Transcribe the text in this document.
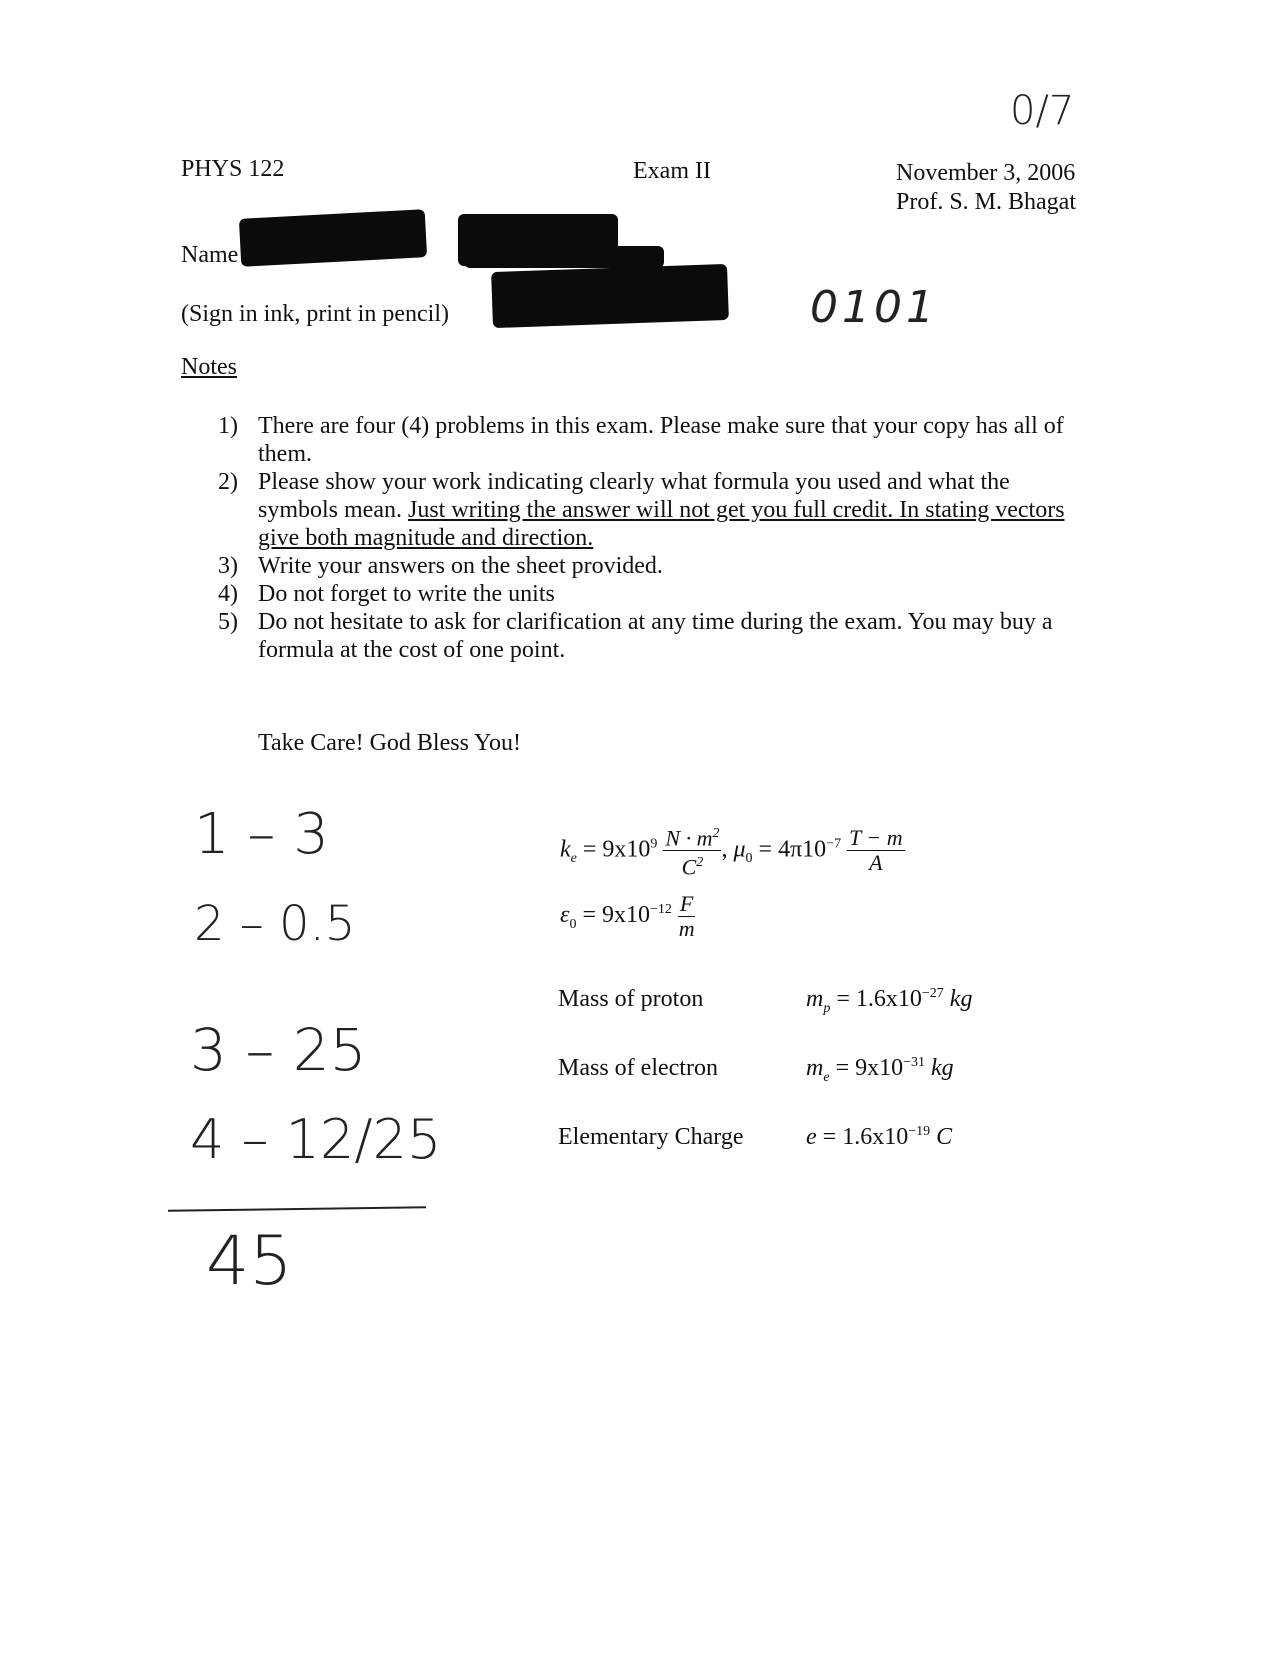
0/7
PHYS 122	Exam II	November 3, 2006
Prof. S. M. Bhagat
Name
(Sign in ink, print in pencil)	0101
Notes
1) There are four (4) problems in this exam. Please make sure that your copy has all of them.
2) Please show your work indicating clearly what formula you used and what the symbols mean. Just writing the answer will not get you full credit. In stating vectors give both magnitude and direction.
3) Write your answers on the sheet provided.
4) Do not forget to write the units
5) Do not hesitate to ask for clarification at any time during the exam. You may buy a formula at the cost of one point.
Take Care! God Bless You!
1 – 3
2 – 0.5
3 – 25
4 – 12/25
45
$k_e = 9x10^9 \frac{N \cdot m^2}{C^2}$ , $\mu_0 = 4\pi 10^{-7} \frac{T - m}{A}$
$\varepsilon_0 = 9x10^{-12} \frac{F}{m}$
Mass of proton	$m_p = 1.6x10^{-27}$ kg
Mass of electron	$m_e = 9x10^{-31}$ kg
Elementary Charge	$e = 1.6x10^{-19}$ C
